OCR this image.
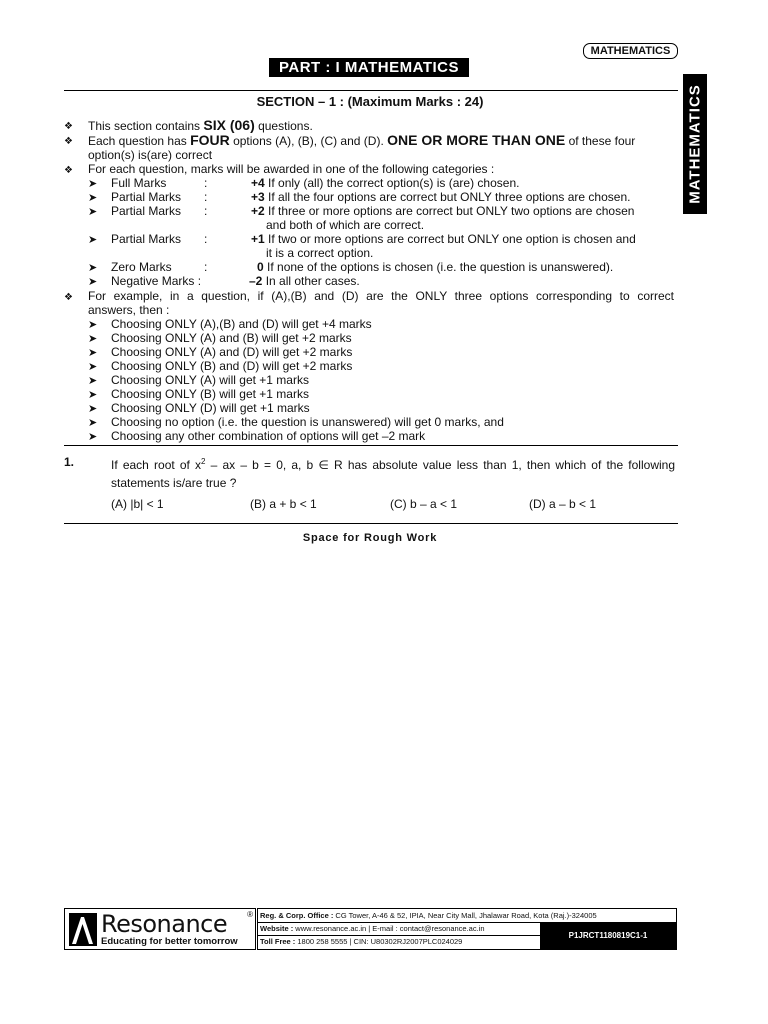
MATHEMATICS
PART : I MATHEMATICS
MATHEMATICS
SECTION – 1 : (Maximum Marks : 24)
❖ This section contains SIX (06) questions.
❖ Each question has FOUR options (A), (B), (C) and (D). ONE OR MORE THAN ONE of these four
option(s) is(are) correct
❖ For each question, marks will be awarded in one of the following categories :
➤ Full Marks	:	+4 If only (all) the correct option(s) is (are) chosen.
➤ Partial Marks :	+3 If all the four options are correct but ONLY three options are chosen.
➤ Partial Marks :	+2 If three or more options are correct but ONLY two options are chosen
and both of which are correct.
➤ Partial Marks :	+1 If two or more options are correct but ONLY one option is chosen and
it is a correct option.
➤ Zero Marks	:	0 If none of the options is chosen (i.e. the question is unanswered).
➤ Negative Marks :	–2 In all other cases.
❖ For example, in a question, if (A),(B) and (D) are the ONLY three options corresponding to correct
answers, then :
➤ Choosing ONLY (A),(B) and (D) will get +4 marks
➤ Choosing ONLY (A) and (B) will get +2 marks
➤ Choosing ONLY (A) and (D) will get +2 marks
➤ Choosing ONLY (B) and (D) will get +2 marks
➤ Choosing ONLY (A) will get +1 marks
➤ Choosing ONLY (B) will get +1 marks
➤ Choosing ONLY (D) will get +1 marks
➤ Choosing no option (i.e. the question is unanswered) will get 0 marks, and
➤ Choosing any other combination of options will get –2 mark
1.	If each root of $x^2$ – ax – b = 0, a, b ∈ R has absolute value less than 1, then which of the following
statements is/are true ?
(A) |b| < 1	(B) a + b < 1	(C) b – a < 1	(D) a – b < 1
Space for Rough Work
Resonance ®
Educating for better tomorrow
Reg. & Corp. Office : CG Tower, A-46 & 52, IPIA, Near City Mall, Jhalawar Road, Kota (Raj.)-324005
Website : www.resonance.ac.in | E-mail : contact@resonance.ac.in
Toll Free : 1800 258 5555 | CIN: U80302RJ2007PLC024029
P1JRCT1180819C1-1
